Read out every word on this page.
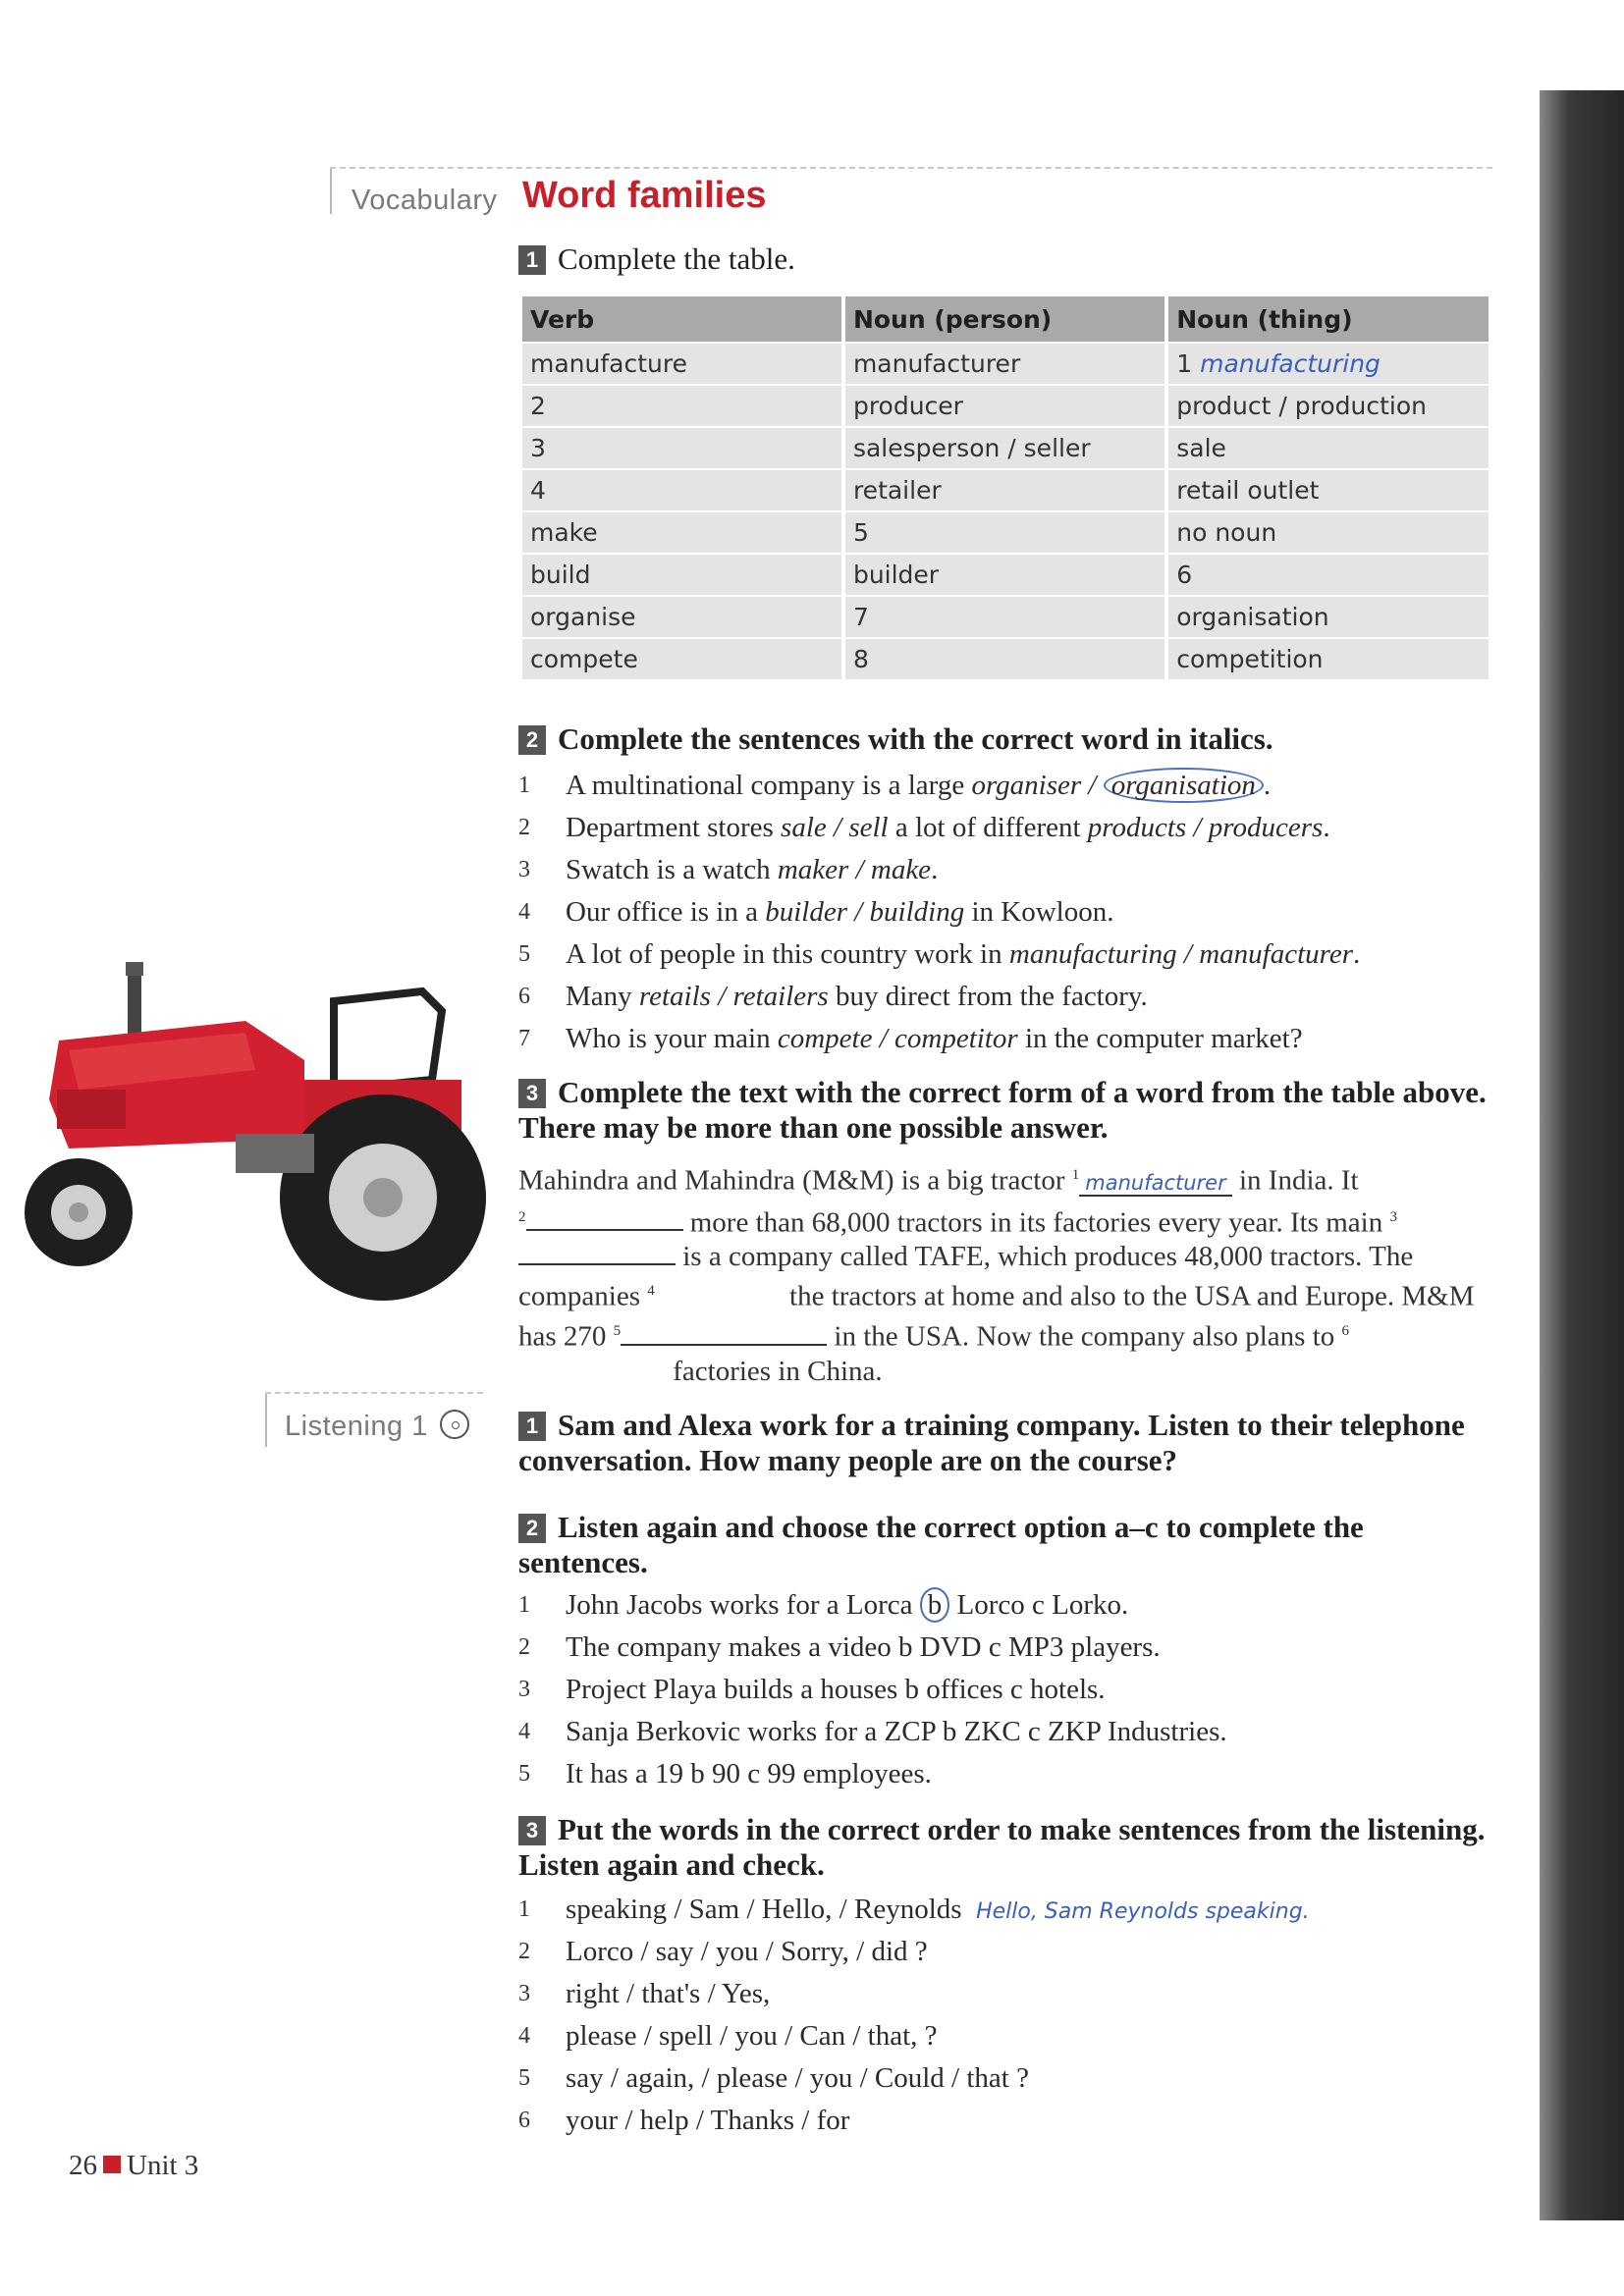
Vocabulary Word families
1 Complete the table.
Verb	Noun (person)	Noun (thing)
manufacture	manufacturer	1 manufacturing
2	producer	product / production
3	salesperson / seller	sale
4	retailer	retail outlet
make	5	no noun
build	builder	6
organise	7	organisation
compete	8	competition
2 Complete the sentences with the correct word in italics.
1 A multinational company is a large organiser / organisation .
2 Department stores sale / sell a lot of different products / producers.
3 Swatch is a watch maker / make.
4 Our office is in a builder / building in Kowloon.
5 A lot of people in this country work in manufacturing / manufacturer.
6 Many retails / retailers buy direct from the factory.
7 Who is your main compete / competitor in the computer market?
3 Complete the text with the correct form of a word from the table above. There may be more than one possible answer.
Mahindra and Mahindra (M&M) is a big tractor $^1$ manufacturer in India. It
$^2$	more than 68,000 tractors in its factories every year. Its main $^3$ is a company called TAFE, which produces 48,000 tractors. The companies $^4$	the tractors at home and also to the USA and Europe. M&M has 270 $^5$	in the USA. Now the company also plans to $^6$ factories in China.
Listening 1	1 Sam and Alexa work for a training company. Listen to their telephone conversation. How many people are on the course?
2 Listen again and choose the correct option a–c to complete the sentences.
1 John Jacobs works for a Lorca b Lorco c Lorko.
2 The company makes a video b DVD c MP3 players.
3 Project Playa builds a houses b offices c hotels.
4 Sanja Berkovic works for a ZCP b ZKC c ZKP Industries.
5 It has a 19 b 90 c 99 employees.
3 Put the words in the correct order to make sentences from the listening. Listen again and check.
1 speaking / Sam / Hello, / Reynolds Hello, Sam Reynolds speaking.
2 Lorco / say / you / Sorry, / did ?
3 right / that's / Yes,
4 please / spell / you / Can / that, ?
5 say / again, / please / you / Could / that ?
6 your / help / Thanks / for
26 Unit 3
